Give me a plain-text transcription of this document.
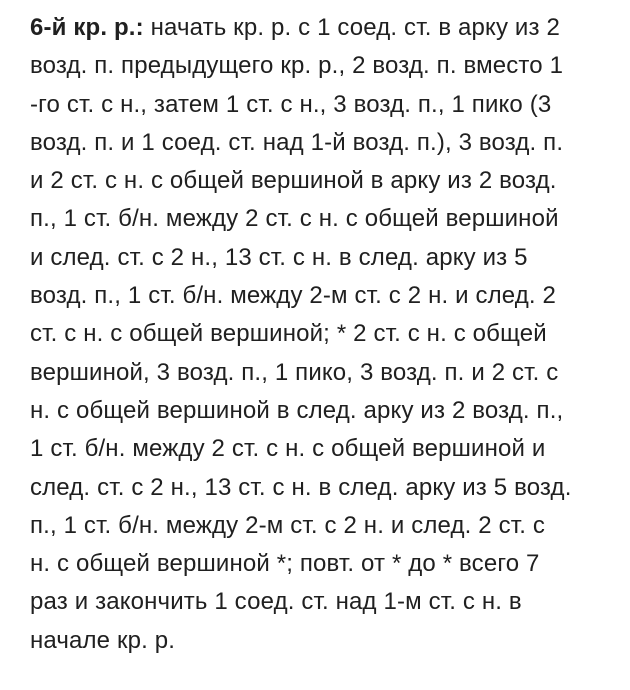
6-й кр. р.: начать кр. р. с 1 соед. ст. в арку из 2
возд. п. предыдущего кр. р., 2 возд. п. вместо 1
-го ст. с н., затем 1 ст. с н., 3 возд. п., 1 пико (3
возд. п. и 1 соед. ст. над 1-й возд. п.), 3 возд. п.
и 2 ст. с н. с общей вершиной в арку из 2 возд.
п., 1 ст. б/н. между 2 ст. с н. с общей вершиной
и след. ст. с 2 н., 13 ст. с н. в след. арку из 5
возд. п., 1 ст. б/н. между 2-м ст. с 2 н. и след. 2
ст. с н. с общей вершиной; * 2 ст. с н. с общей
вершиной, 3 возд. п., 1 пико, 3 возд. п. и 2 ст. с
н. с общей вершиной в след. арку из 2 возд. п.,
1 ст. б/н. между 2 ст. с н. с общей вершиной и
след. ст. с 2 н., 13 ст. с н. в след. арку из 5 возд.
п., 1 ст. б/н. между 2-м ст. с 2 н. и след. 2 ст. с
н. с общей вершиной *; повт. от * до * всего 7
раз и закончить 1 соед. ст. над 1-м ст. с н. в
начале кр. р.
